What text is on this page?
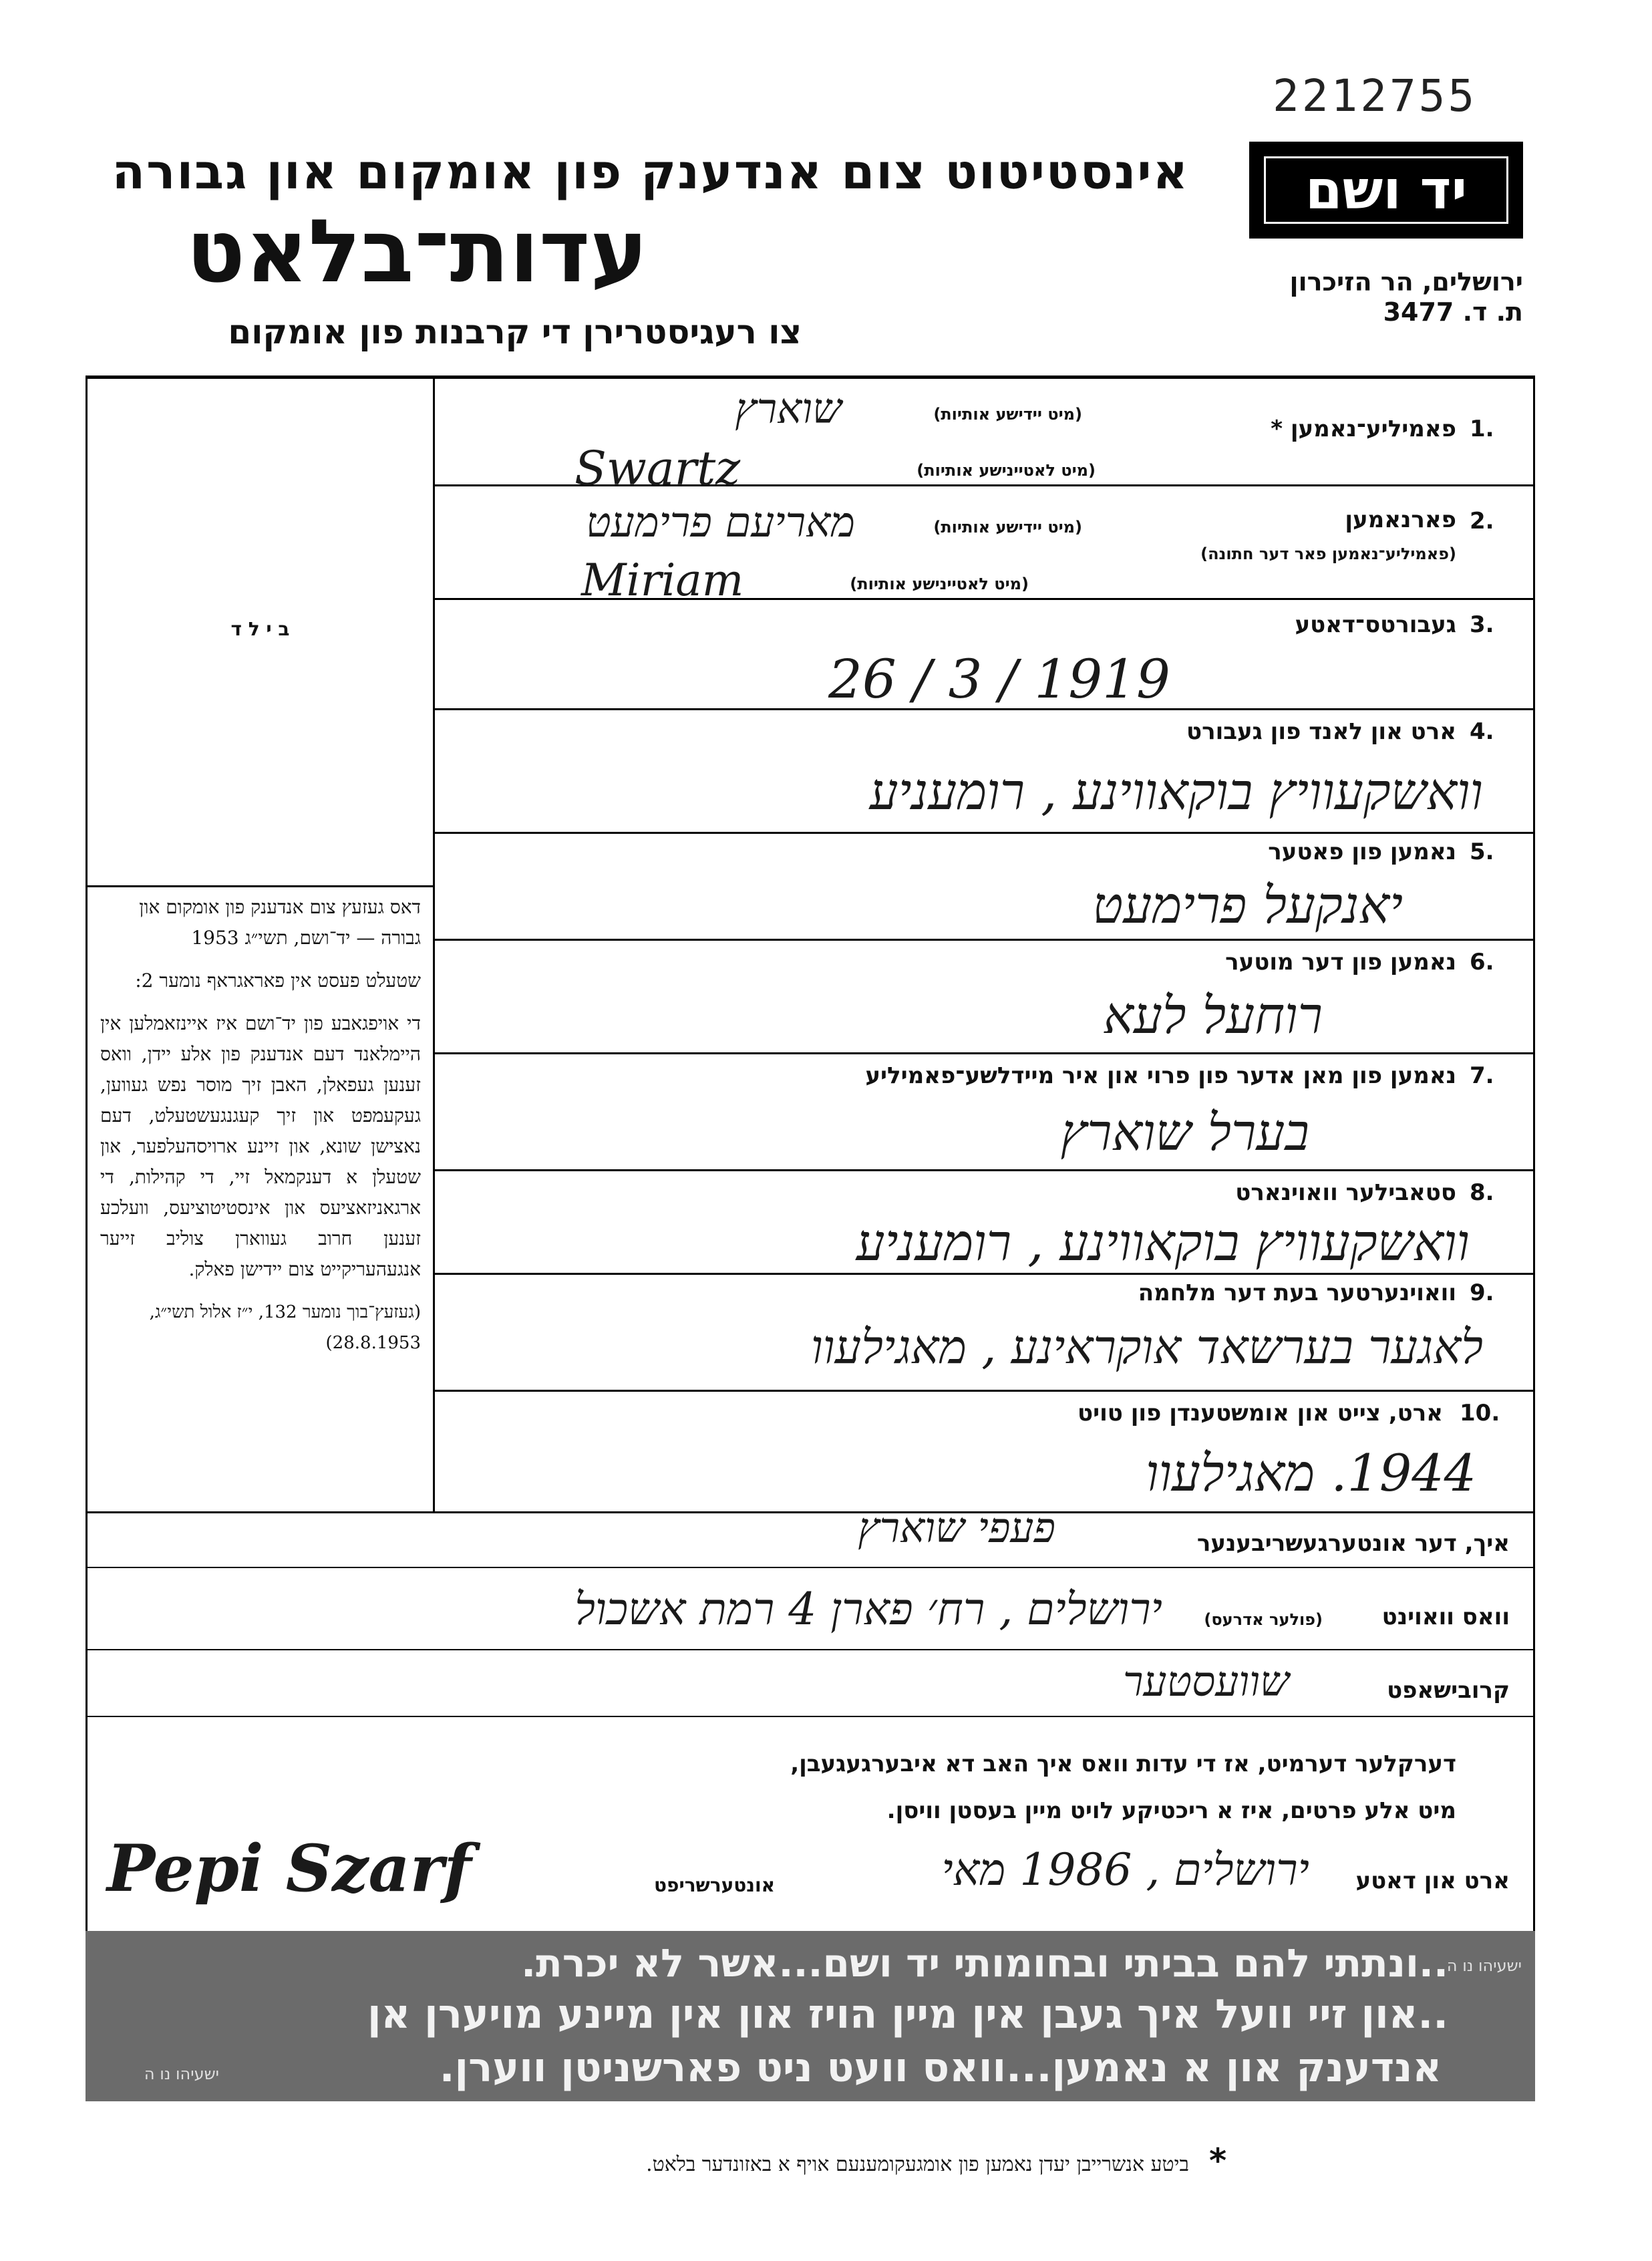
2212755
אינסטיטוט צום אנדענק פון אומקום און גבורה
עדות־בלאט
צו רעגיסטרירן די קרבנות פון אומקום
יד ושם
ירושלים, הר הזיכרון
ת. ד. 3477
ב י ל ד
דאס געזעץ צום אנדענק פון אומקום און גבורה — יד־ושם, תשי״ג 1953
שטעלט פעסט אין פאראגראף נומער 2:
די אויפגאבע פון יד־ושם איז איינזאמלען אין היימלאנד דעם אנדענק פון אלע יידן, וואס זענען געפאלן, האבן זיך מוסר נפש געווען, געקעמפט און זיך קעגנגעשטעלט, דעם נאצישן שונא, און זיינע ארויסהעלפער, און שטעלן א דענקמאל זיי, די קהילות, די ארגאניזאציעס און אינסטיטוציעס, וועלכע זענען חרוב געווארן צוליב זייער אנגעהעריקייט צום יידישן פאלק.
(געזעץ־בוך נומער 132, י״ז אלול תשי״ג, 28.8.1953)
1.
פאמיליע־נאמען *
(מיט יידישע אותיות)
(מיט לאטיינישע אותיות)
שוארץ
Swartz
2.
פארנאמען
(פאמיליע־נאמען פאר דער חתונה)
(מיט יידישע אותיות)
(מיט לאטיינישע אותיות)
מאריעם פרימעט
Miriam
3.
געבורטס־דאטע
26 / 3 / 1919
4.
ארט און לאנד פון געבורט
וואשקעוויץ בוקאווינע , רומעניע
5.
נאמען פון פאטער
יאנקעל פרימעט
6.
נאמען פון דער מוטער
רוחעל לעא
7.
נאמען פון מאן אדער פון פרוי און איר מיידלשע־פאמיליע
בערל שוארץ
8.
סטאבילער וואוינארט
וואשקעוויץ בוקאווינע , רומעניע
9.
וואוינערטער בעת דער מלחמה
לאגער בערשאד אוקראינע , מאגילעוו
10.
ארט, צייט און אומשטענדן פון טויט
1944. מאגילעוו
איך, דער אונטערגעשריבענער
פעפי שוארץ
וואס וואוינט
(פולער אדרעס)
ירושלים , רח׳ פארן 4 רמת אשכול
קרובישאפט
שוועסטער
דערקלער דערמיט, אז די עדות וואס איך האב דא איבערגעגעבן,
מיט אלע פרטים, איז א ריכטיקע לויט מיין בעסטן וויסן.
ארט און דאטע
ירושלים , 1986 מאי
אונטערשריפט
Pepi Szarf
..ונתתי להם בביתי ובחומותי יד ושם...אשר לא יכרת.
ישעיהו נו ה
..און זיי וועל איך געבן אין מיין הויז און אין מיינע מויערן אן
אנדענק און א נאמען...וואס וועט ניט פארשניטן ווערן.
ישעיהו נו ה
ביטע אנשרייבן יעדן נאמען פון אומגעקומענעם אויף א באזונדער בלאט. *
